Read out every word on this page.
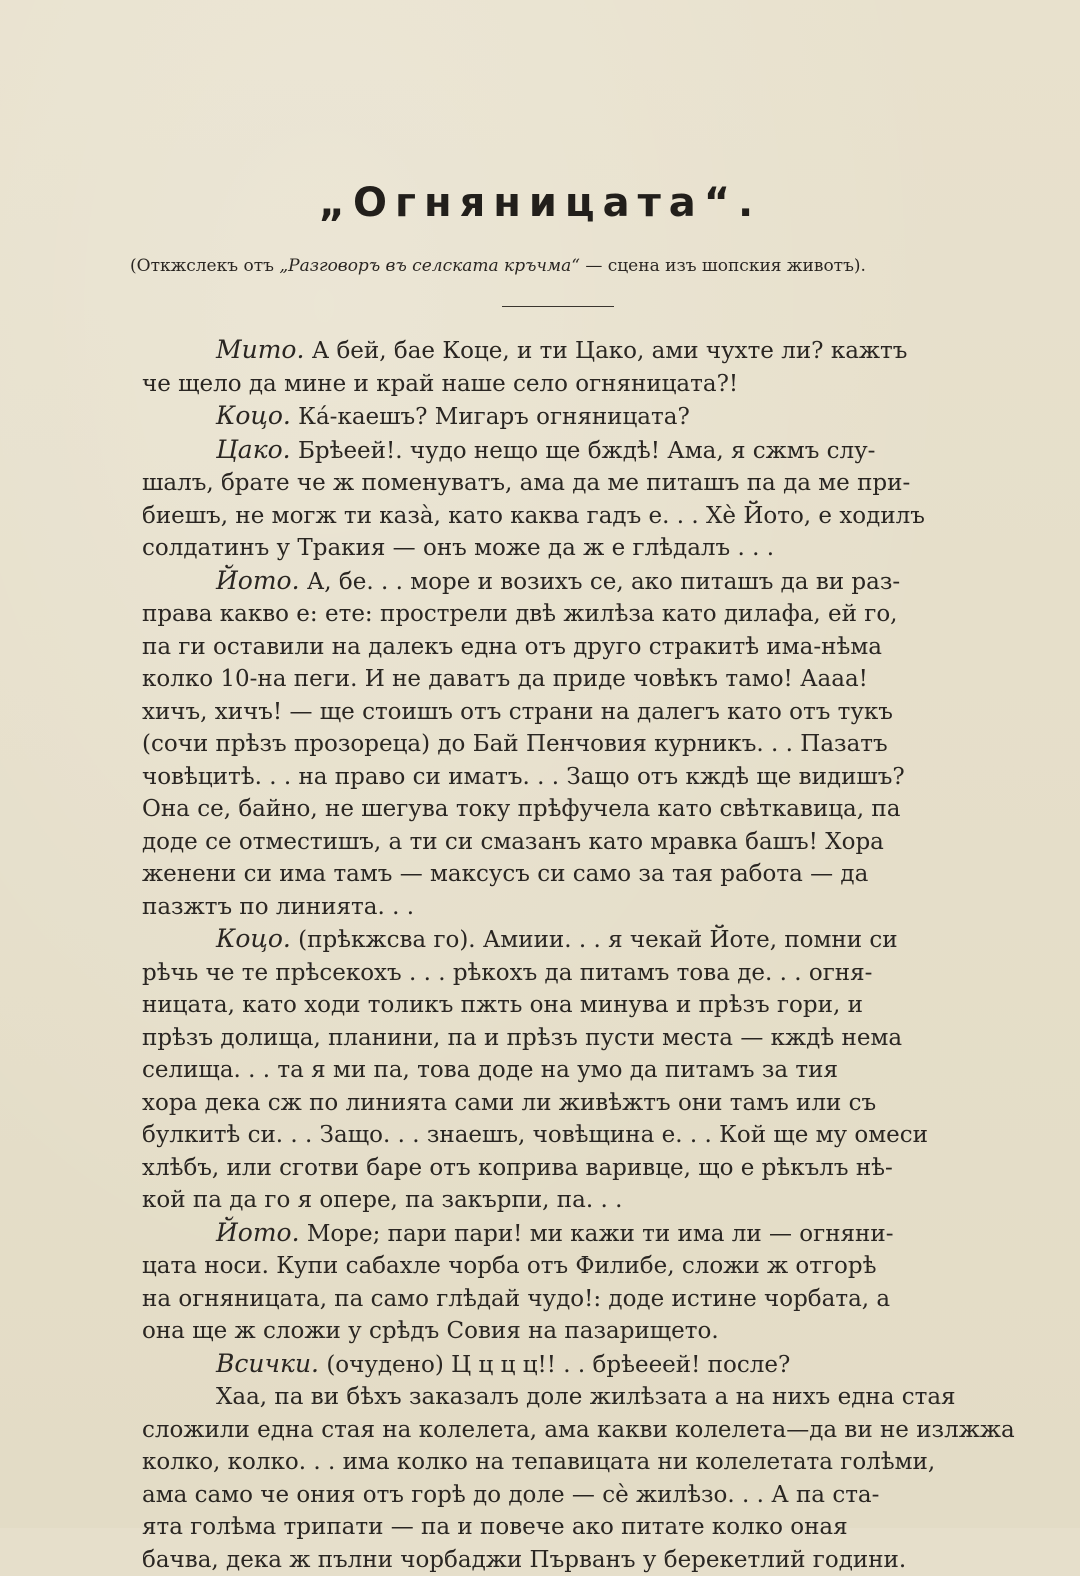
„Огняницата“.
(Откжслекъ отъ „Разговоръ въ селската кръчма“ — сцена изъ шопския животъ).
Мито. А бей, бае Коце, и ти Цако, ами чухте ли? кажтъ
че щело да мине и край наше село огняницата?!
Коцо. Ка́-каешъ? Мигаръ огняницата?
Цако. Брѣеей!. чудо нещо ще бждѣ! Ама, я сжмъ слу-
шалъ, брате че ж поменуватъ, ама да ме питашъ па да ме при-
биешъ, не могж ти каза̀, като каква гадъ е. . . Хѐ Йото, е ходилъ
солдатинъ у Тракия — онъ може да ж е глѣдалъ . . .
Йото. А, бе. . . море и возихъ се, ако питашъ да ви раз-
права какво е: ете: прострели двѣ жилѣза като дилафа, ей го,
па ги оставили на далекъ една отъ друго стракитѣ има-нѣма
колко 10-на пеги. И не даватъ да приде човѣкъ тамо! Аааа!
хичъ, хичъ! — ще стоишъ отъ страни на далегъ като отъ тукъ
(сочи прѣзъ прозореца) до Бай Пенчовия курникъ. . . Пазатъ
човѣцитѣ. . . на право си иматъ. . . Защо отъ кждѣ ще видишъ?
Она се, байно, не шегува току прѣфучела като свѣткавица, па
доде се отместишъ, а ти си смазанъ като мравка башъ! Хора
женени си има тамъ — максусъ си само за тая работа — да
пазжтъ по линията. . .
Коцо. (прѣкжсва го). Амиии. . . я чекай Йоте, помни си
рѣчь че те прѣсекохъ . . . рѣкохъ да питамъ това де. . . огня-
ницата, като ходи толикъ пжть она минува и прѣзъ гори, и
прѣзъ долища, планини, па и прѣзъ пусти места — кждѣ нема
селища. . . та я ми па, това доде на умо да питамъ за тия
хора дека сж по линията сами ли живѣжтъ они тамъ или съ
булкитѣ си. . . Защо. . . знаешъ, човѣщина е. . . Кой ще му омеси
хлѣбъ, или сготви баре отъ коприва варивце, що е рѣкълъ нѣ-
кой па да го я опере, па закърпи, па. . .
Йото. Море; пари пари! ми кажи ти има ли — огняни-
цата носи. Купи сабахле чорба отъ Филибе, сложи ж отгорѣ
на огняницата, па само глѣдай чудо!: доде истине чорбата, а
она ще ж сложи у срѣдъ Совия на пазарището.
Всички. (очудено) Ц ц ц ц!! . . брѣееей! после?
Хаа, па ви бѣхъ заказалъ доле жилѣзата а на нихъ една стая
сложили една стая на колелета, ама какви колелета—да ви не излжжа
колко, колко. . . има колко на тепавицата ни колелетата голѣми,
ама само че ония отъ горѣ до доле — сѐ жилѣзо. . . А па ста-
ята голѣма трипати — па и повече ако питате колко оная
бачва, дека ж пълни чорбаджи Първанъ у берекетлий години.
